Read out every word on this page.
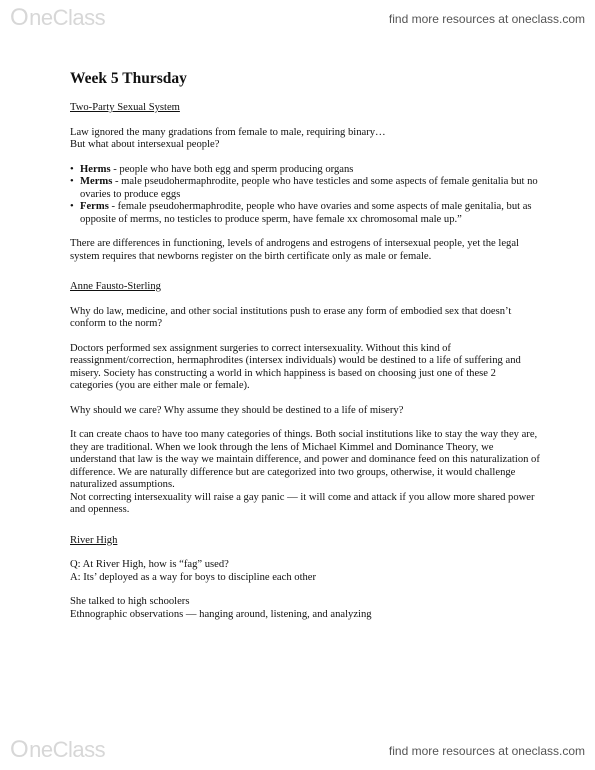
O neClass	find more resources at oneclass.com
Week 5 Thursday
Two-Party Sexual System

Law ignored the many gradations from female to male, requiring binary…
But what about intersexual people?

• Herms - people who have both egg and sperm producing organs
• Merms - male pseudohermaphrodite, people who have testicles and some aspects of female genitalia but no ovaries to produce eggs
• Ferms - female pseudohermaphrodite, people who have ovaries and some aspects of male genitalia, but as opposite of merms, no testicles to produce sperm, have female xx chromosomal male up.”

There are differences in functioning, levels of androgens and estrogens of intersexual people, yet the legal system requires that newborns register on the birth certificate only as male or female.

Anne Fausto-Sterling

Why do law, medicine, and other social institutions push to erase any form of embodied sex that doesn’t conform to the norm?

Doctors performed sex assignment surgeries to correct intersexuality. Without this kind of reassignment/correction, hermaphrodites (intersex individuals) would be destined to a life of suffering and misery. Society has constructing a world in which happiness is based on choosing just one of these 2 categories (you are either male or female).

Why should we care? Why assume they should be destined to a life of misery?

It can create chaos to have too many categories of things. Both social institutions like to stay the way they are, they are traditional. When we look through the lens of Michael Kimmel and Dominance Theory, we understand that law is the way we maintain difference, and power and dominance feed on this naturalization of difference. We are naturally difference but are categorized into two groups, otherwise, it would challenge naturalized assumptions.

Not correcting intersexuality will raise a gay panic — it will come and attack if you allow more shared power and openness.

River High

Q: At River High, how is “fag” used?
A: Its’ deployed as a way for boys to discipline each other

She talked to high schoolers
Ethnographic observations — hanging around, listening, and analyzing

O neClass	find more resources at oneclass.com
